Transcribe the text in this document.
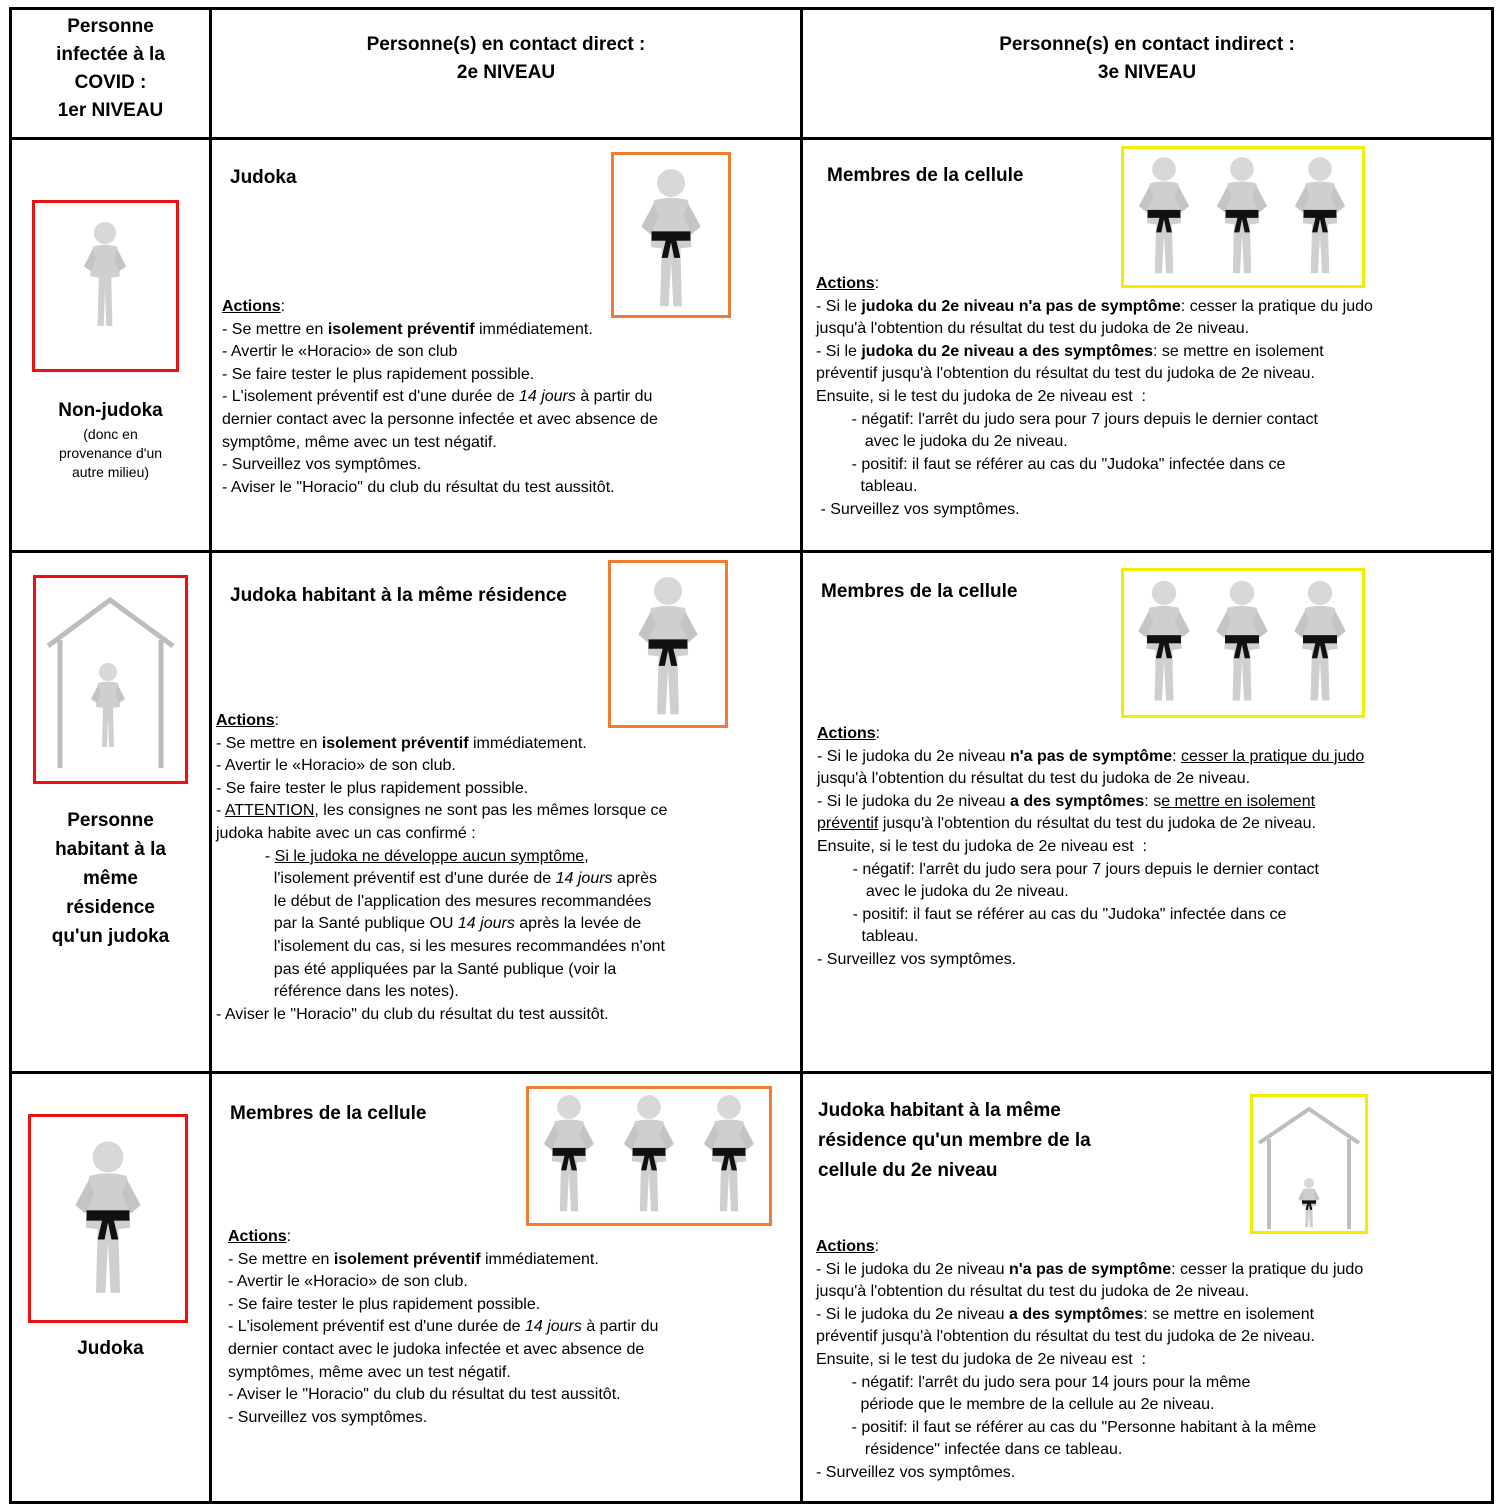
Personne
infectée à la
COVID :
1er NIVEAU
Personne(s) en contact direct :
2e NIVEAU
Personne(s) en contact indirect :
3e NIVEAU
Non-judoka
(donc en
provenance d'un
autre milieu)
Judoka
Actions:
- Se mettre en isolement préventif immédiatement.
- Avertir le «Horacio» de son club
- Se faire tester le plus rapidement possible.
- L'isolement préventif est d'une durée de 14 jours à partir du
dernier contact avec la personne infectée et avec absence de
symptôme, même avec un test négatif.
- Surveillez vos symptômes.
- Aviser le "Horacio" du club du résultat du test aussitôt.
Membres de la cellule
Actions:
- Si le judoka du 2e niveau n'a pas de symptôme: cesser la pratique du judo
jusqu'à l'obtention du résultat du test du judoka de 2e niveau.
- Si le judoka du 2e niveau a des symptômes: se mettre en isolement
préventif jusqu'à l'obtention du résultat du test du judoka de 2e niveau.
Ensuite, si le test du judoka de 2e niveau est  :
- négatif: l'arrêt du judo sera pour 7 jours depuis le dernier contact
avec le judoka du 2e niveau.
- positif: il faut se référer au cas du "Judoka" infectée dans ce
tableau.
- Surveillez vos symptômes.
Personne
habitant à la
même
résidence
qu'un judoka
Judoka habitant à la même résidence
Actions:
- Se mettre en isolement préventif immédiatement.
- Avertir le «Horacio» de son club.
- Se faire tester le plus rapidement possible.
- ATTENTION, les consignes ne sont pas les mêmes lorsque ce
judoka habite avec un cas confirmé :
- Si le judoka ne développe aucun symptôme,
l'isolement préventif est d'une durée de 14 jours après
le début de l'application des mesures recommandées
par la Santé publique OU 14 jours après la levée de
l'isolement du cas, si les mesures recommandées n'ont
pas été appliquées par la Santé publique (voir la
référence dans les notes).
- Aviser le "Horacio" du club du résultat du test aussitôt.
Membres de la cellule
Actions:
- Si le judoka du 2e niveau n'a pas de symptôme: cesser la pratique du judo
jusqu'à l'obtention du résultat du test du judoka de 2e niveau.
- Si le judoka du 2e niveau a des symptômes: se mettre en isolement
préventif jusqu'à l'obtention du résultat du test du judoka de 2e niveau.
Ensuite, si le test du judoka de 2e niveau est  :
- négatif: l'arrêt du judo sera pour 7 jours depuis le dernier contact
avec le judoka du 2e niveau.
- positif: il faut se référer au cas du "Judoka" infectée dans ce
tableau.
- Surveillez vos symptômes.
Judoka
Membres de la cellule
Actions:
- Se mettre en isolement préventif immédiatement.
- Avertir le «Horacio» de son club.
- Se faire tester le plus rapidement possible.
- L'isolement préventif est d'une durée de 14 jours à partir du
dernier contact avec le judoka infectée et avec absence de
symptômes, même avec un test négatif.
- Aviser le "Horacio" du club du résultat du test aussitôt.
- Surveillez vos symptômes.
Judoka habitant à la même
résidence qu'un membre de la
cellule du 2e niveau
Actions:
- Si le judoka du 2e niveau n'a pas de symptôme: cesser la pratique du judo
jusqu'à l'obtention du résultat du test du judoka de 2e niveau.
- Si le judoka du 2e niveau a des symptômes: se mettre en isolement
préventif jusqu'à l'obtention du résultat du test du judoka de 2e niveau.
Ensuite, si le test du judoka de 2e niveau est  :
- négatif: l'arrêt du judo sera pour 14 jours pour la même
période que le membre de la cellule au 2e niveau.
- positif: il faut se référer au cas du "Personne habitant à la même
résidence" infectée dans ce tableau.
- Surveillez vos symptômes.
